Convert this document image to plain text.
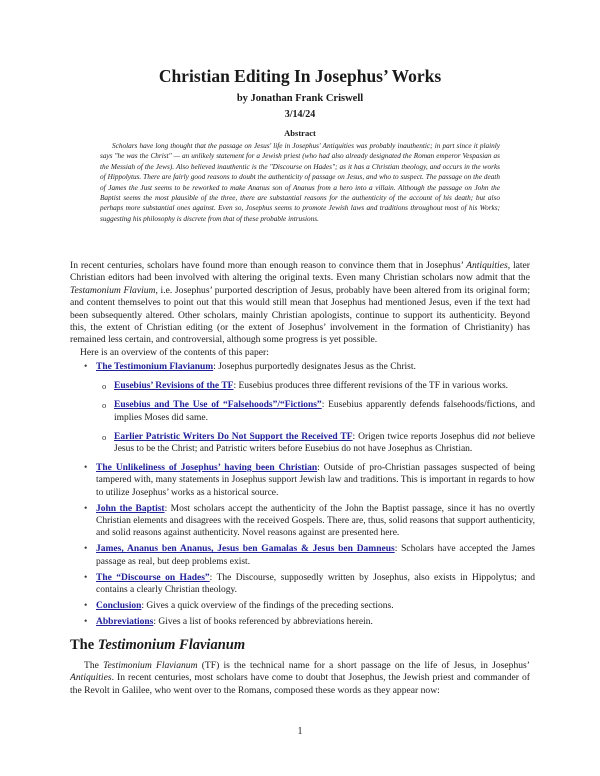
Christian Editing In Josephus’ Works
by Jonathan Frank Criswell
3/14/24
Abstract

Scholars have long thought that the passage on Jesus' life in Josephus' Antiquities was probably inauthentic; in part since it plainly says "he was the Christ" — an unlikely statement for a Jewish priest (who had also already designated the Roman emperor Vespasian as the Messiah of the Jews). Also believed inauthentic is the "Discourse on Hades"; as it has a Christian theology, and occurs in the works of Hippolytus. There are fairly good reasons to doubt the authenticity of passage on Jesus, and who to suspect. The passage on the death of James the Just seems to be reworked to make Ananus son of Ananus from a hero into a villain. Although the passage on John the Baptist seems the most plausible of the three, there are substantial reasons for the authenticity of the account of his death; but also perhaps more substantial ones against. Even so, Josephus seems to promote Jewish laws and traditions throughout most of his Works; suggesting his philosophy is discrete from that of these probable intrusions.

In recent centuries, scholars have found more than enough reason to convince them that in Josephus’ Antiquities, later Christian editors had been involved with altering the original texts. Even many Christian scholars now admit that the Testamonium Flavium, i.e. Josephus’ purported description of Jesus, probably have been altered from its original form; and content themselves to point out that this would still mean that Josephus had mentioned Jesus, even if the text had been subsequently altered. Other scholars, mainly Christian apologists, continue to support its authenticity. Beyond this, the extent of Christian editing (or the extent of Josephus’ involvement in the formation of Christianity) has remained less certain, and controversial, although some progress is yet possible.

Here is an overview of the contents of this paper:

• The Testimonium Flavianum: Josephus purportedly designates Jesus as the Christ.
o Eusebius’ Revisions of the TF: Eusebius produces three different revisions of the TF in various works.
o Eusebius and The Use of “Falsehoods”/“Fictions”: Eusebius apparently defends falsehoods/fictions, and implies Moses did same.
o Earlier Patristic Writers Do Not Support the Received TF: Origen twice reports Josephus did not believe Jesus to be the Christ; and Patristic writers before Eusebius do not have Josephus as Christian.
• The Unlikeliness of Josephus’ having been Christian: Outside of pro-Christian passages suspected of being tampered with, many statements in Josephus support Jewish law and traditions. This is important in regards to how to utilize Josephus’ works as a historical source.
• John the Baptist: Most scholars accept the authenticity of the John the Baptist passage, since it has no overtly Christian elements and disagrees with the received Gospels. There are, thus, solid reasons that support authenticity, and solid reasons against authenticity. Novel reasons against are presented here.
• James, Ananus ben Ananus, Jesus ben Gamalas & Jesus ben Damneus: Scholars have accepted the James passage as real, but deep problems exist.
• The “Discourse on Hades”: The Discourse, supposedly written by Josephus, also exists in Hippolytus; and contains a clearly Christian theology.
• Conclusion: Gives a quick overview of the findings of the preceding sections.
• Abbreviations: Gives a list of books referenced by abbreviations herein.
The Testimonium Flavianum

The Testimonium Flavianum (TF) is the technical name for a short passage on the life of Jesus, in Josephus’ Antiquities. In recent centuries, most scholars have come to doubt that Josephus, the Jewish priest and commander of the Revolt in Galilee, who went over to the Romans, composed these words as they appear now:

1
